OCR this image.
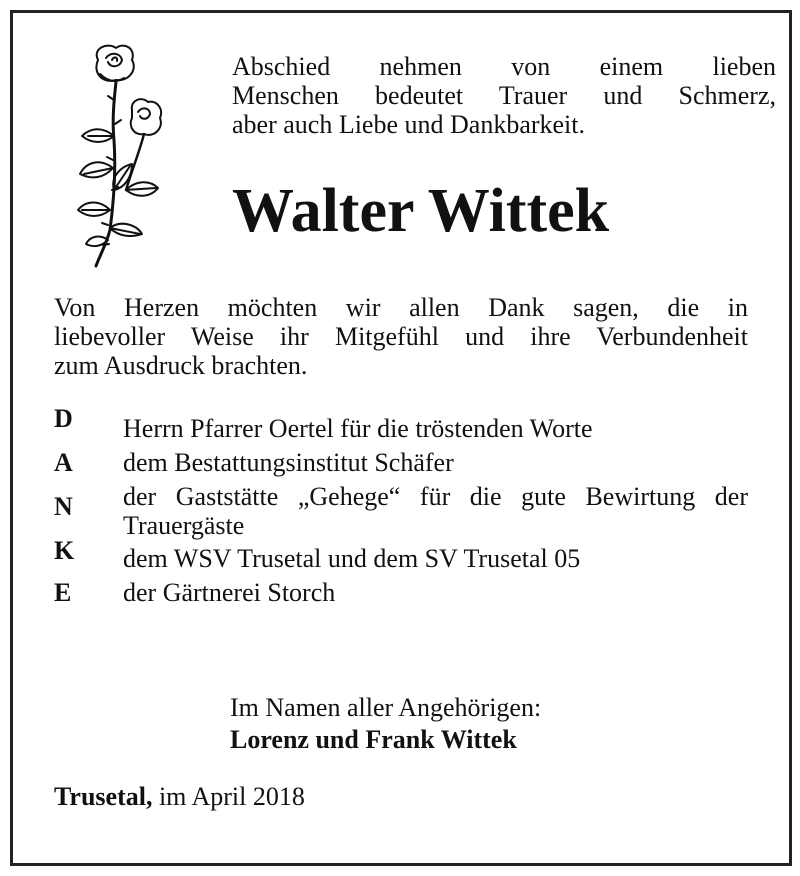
Abschied nehmen von einem lieben
Menschen bedeutet Trauer und Schmerz,
aber auch Liebe und Dankbarkeit.
Walter Wittek
Von Herzen möchten wir allen Dank sagen, die in
liebevoller Weise ihr Mitgefühl und ihre Verbundenheit
zum Ausdruck brachten.
D Herrn Pfarrer Oertel für die tröstenden Worte
A dem Bestattungsinstitut Schäfer
N der Gaststätte „Gehege“ für die gute Bewirtung der
Trauergäste
K dem WSV Trusetal und dem SV Trusetal 05
E der Gärtnerei Storch
Im Namen aller Angehörigen:
Lorenz und Frank Wittek
Trusetal, im April 2018
